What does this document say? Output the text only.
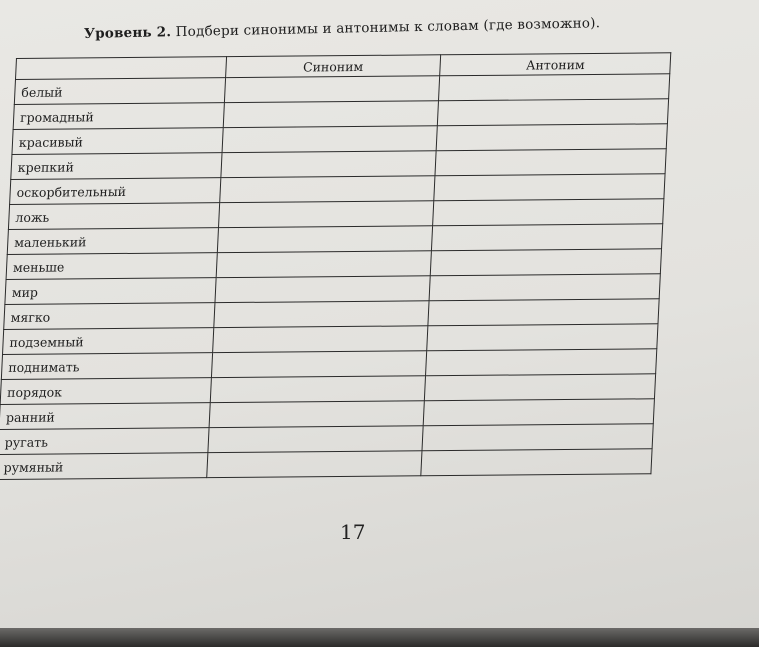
Уровень 2. Подбери синонимы и антонимы к словам (где возможно).
	Синоним	Антоним
белый		
громадный		
красивый		
крепкий		
оскорбительный		
ложь		
маленький		
меньше		
мир		
мягко		
подземный		
поднимать		
порядок		
ранний		
ругать		
румяный		
17
